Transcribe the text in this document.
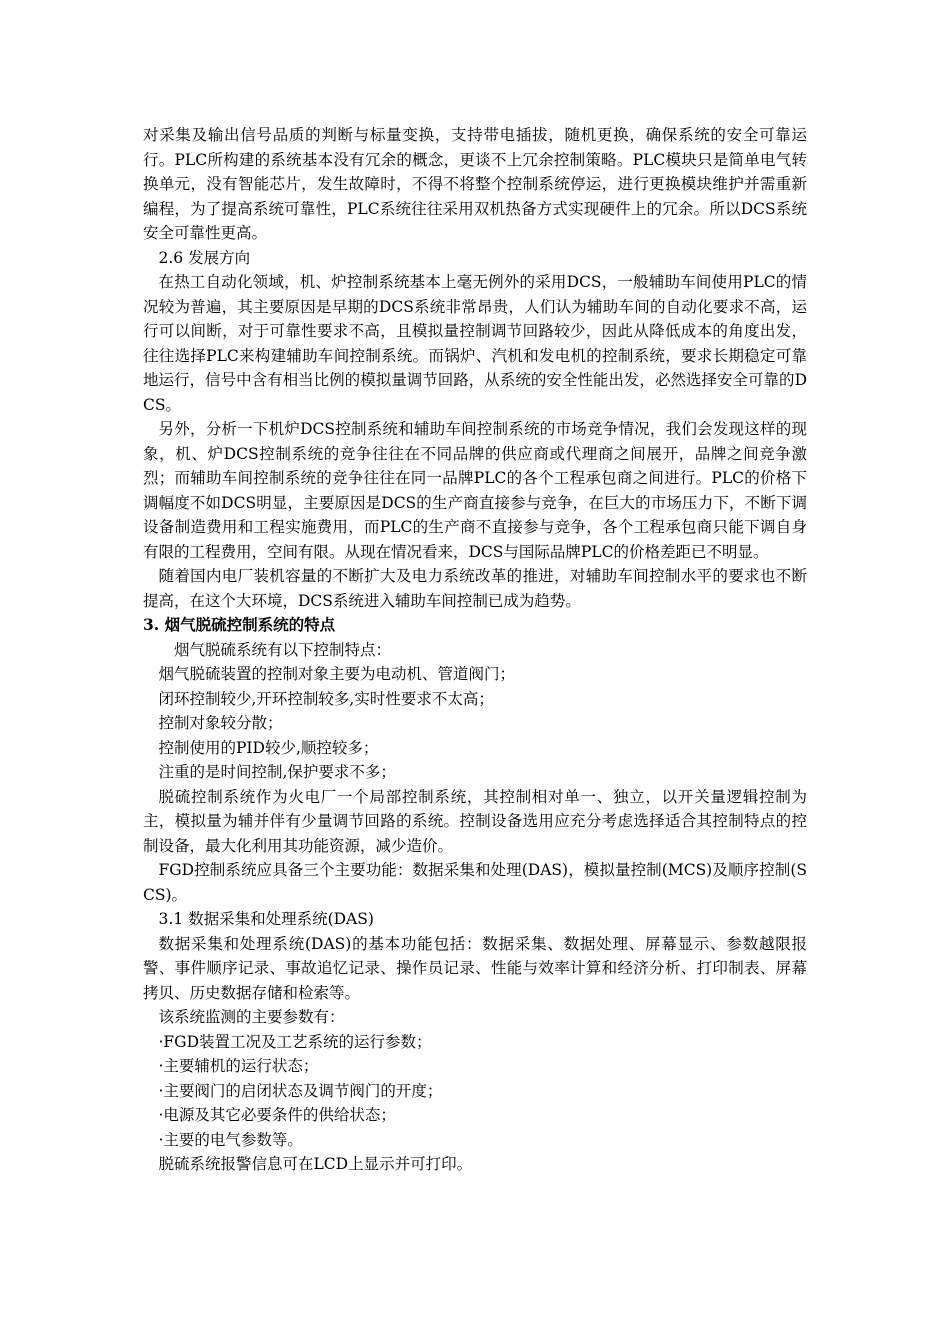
对采集及输出信号品质的判断与标量变换，支持带电插拔，随机更换，确保系统的安全可靠运行。PLC所构建的系统基本没有冗余的概念，更谈不上冗余控制策略。PLC模块只是简单电气转换单元，没有智能芯片，发生故障时，不得不将整个控制系统停运，进行更换模块维护并需重新编程，为了提高系统可靠性，PLC系统往往采用双机热备方式实现硬件上的冗余。所以DCS系统安全可靠性更高。

2.6 发展方向

在热工自动化领域，机、炉控制系统基本上毫无例外的采用DCS，一般辅助车间使用PLC的情况较为普遍，其主要原因是早期的DCS系统非常昂贵，人们认为辅助车间的自动化要求不高，运行可以间断，对于可靠性要求不高，且模拟量控制调节回路较少，因此从降低成本的角度出发，往往选择PLC来构建辅助车间控制系统。而锅炉、汽机和发电机的控制系统，要求长期稳定可靠地运行，信号中含有相当比例的模拟量调节回路，从系统的安全性能出发，必然选择安全可靠的DCS。

另外，分析一下机炉DCS控制系统和辅助车间控制系统的市场竞争情况，我们会发现这样的现象，机、炉DCS控制系统的竞争往往在不同品牌的供应商或代理商之间展开，品牌之间竞争激烈；而辅助车间控制系统的竞争往往在同一品牌PLC的各个工程承包商之间进行。PLC的价格下调幅度不如DCS明显，主要原因是DCS的生产商直接参与竞争，在巨大的市场压力下，不断下调设备制造费用和工程实施费用，而PLC的生产商不直接参与竞争，各个工程承包商只能下调自身有限的工程费用，空间有限。从现在情况看来，DCS与国际品牌PLC的价格差距已不明显。

随着国内电厂装机容量的不断扩大及电力系统改革的推进，对辅助车间控制水平的要求也不断提高，在这个大环境，DCS系统进入辅助车间控制已成为趋势。

3. 烟气脱硫控制系统的特点

烟气脱硫系统有以下控制特点：

烟气脱硫装置的控制对象主要为电动机、管道阀门；

闭环控制较少,开环控制较多,实时性要求不太高；

控制对象较分散；

控制使用的PID较少,顺控较多；

注重的是时间控制,保护要求不多；

脱硫控制系统作为火电厂一个局部控制系统，其控制相对单一、独立，以开关量逻辑控制为主，模拟量为辅并伴有少量调节回路的系统。控制设备选用应充分考虑选择适合其控制特点的控制设备，最大化利用其功能资源，减少造价。

FGD控制系统应具备三个主要功能：数据采集和处理(DAS)，模拟量控制(MCS)及顺序控制(SCS)。

3.1 数据采集和处理系统(DAS)

数据采集和处理系统(DAS)的基本功能包括：数据采集、数据处理、屏幕显示、参数越限报警、事件顺序记录、事故追忆记录、操作员记录、性能与效率计算和经济分析、打印制表、屏幕拷贝、历史数据存储和检索等。

该系统监测的主要参数有：

·FGD装置工况及工艺系统的运行参数；

·主要辅机的运行状态；

·主要阀门的启闭状态及调节阀门的开度；

·电源及其它必要条件的供给状态；

·主要的电气参数等。

脱硫系统报警信息可在LCD上显示并可打印。
